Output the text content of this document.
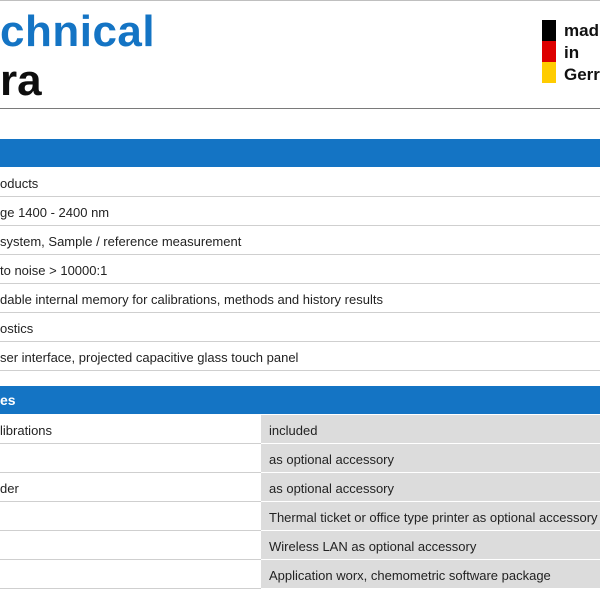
chnical
ra
mad
in
Gerr
oducts
ge 1400 - 2400 nm
system, Sample / reference measurement
to noise > 10000:1
dable internal memory for calibrations, methods and history results
ostics
ser interface, projected capacitive glass touch panel
es
librations	included
as optional accessory
der	as optional accessory
Thermal ticket or office type printer as optional accessory
Wireless LAN as optional accessory
Application worx, chemometric software package
